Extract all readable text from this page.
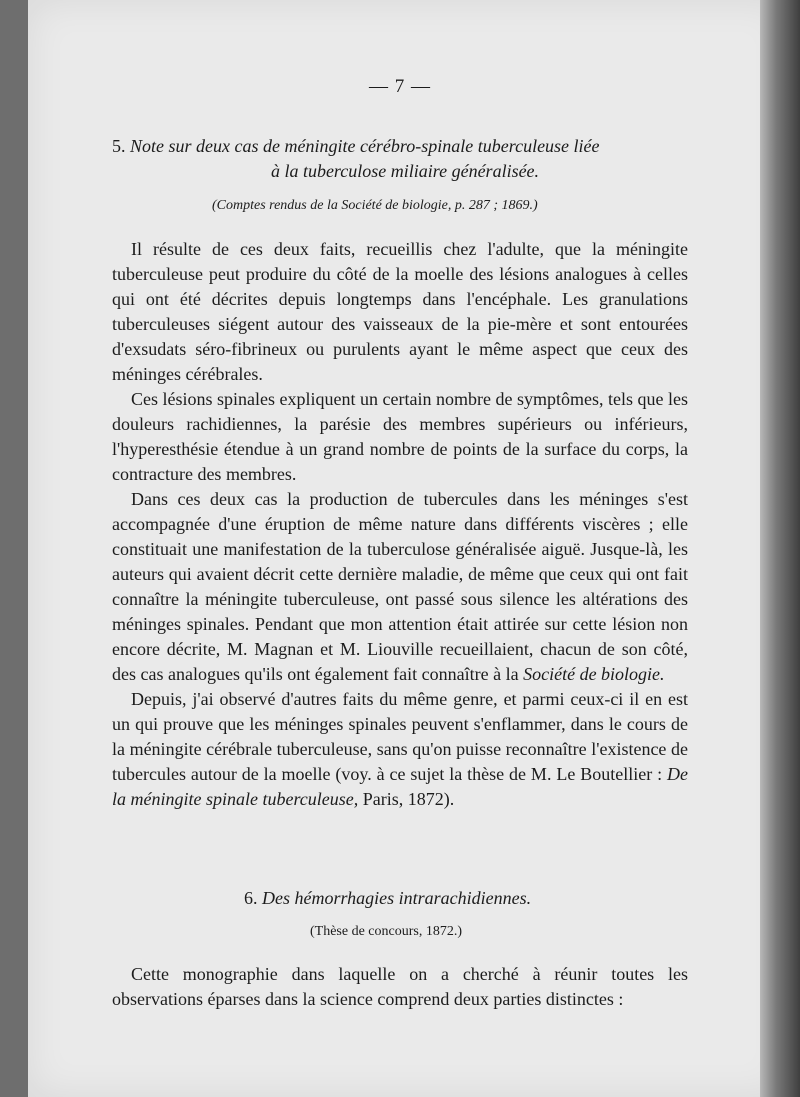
— 7 —
5. Note sur deux cas de méningite cérébro-spinale tuberculeuse liée
à la tuberculose miliaire généralisée.
(Comptes rendus de la Société de biologie, p. 287 ; 1869.)

Il résulte de ces deux faits, recueillis chez l'adulte, que la méningite tuberculeuse peut produire du côté de la moelle des lésions analogues à celles qui ont été décrites depuis longtemps dans l'encéphale. Les granulations tuberculeuses siégent autour des vaisseaux de la pie-mère et sont entourées d'exsudats séro-fibrineux ou purulents ayant le même aspect que ceux des méninges cérébrales.

Ces lésions spinales expliquent un certain nombre de symptômes, tels que les douleurs rachidiennes, la parésie des membres supérieurs ou inférieurs, l'hyperesthésie étendue à un grand nombre de points de la surface du corps, la contracture des membres.

Dans ces deux cas la production de tubercules dans les méninges s'est accompagnée d'une éruption de même nature dans différents viscères ; elle constituait une manifestation de la tuberculose généralisée aiguë. Jusque-là, les auteurs qui avaient décrit cette dernière maladie, de même que ceux qui ont fait connaître la méningite tuberculeuse, ont passé sous silence les altérations des méninges spinales. Pendant que mon attention était attirée sur cette lésion non encore décrite, M. Magnan et M. Liouville recueillaient, chacun de son côté, des cas analogues qu'ils ont également fait connaître à la Société de biologie.

Depuis, j'ai observé d'autres faits du même genre, et parmi ceux-ci il en est un qui prouve que les méninges spinales peuvent s'enflammer, dans le cours de la méningite cérébrale tuberculeuse, sans qu'on puisse reconnaître l'existence de tubercules autour de la moelle (voy. à ce sujet la thèse de M. Le Boutellier : De la méningite spinale tuberculeuse, Paris, 1872).

6. Des hémorrhagies intrarachidiennes.
(Thèse de concours, 1872.)

Cette monographie dans laquelle on a cherché à réunir toutes les observations éparses dans la science comprend deux parties distinctes :
